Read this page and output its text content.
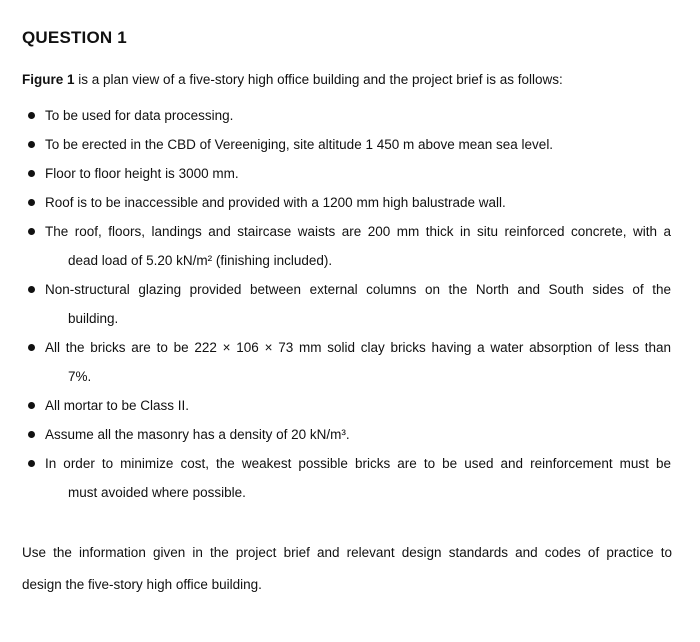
QUESTION 1
Figure 1 is a plan view of a five-story high office building and the project brief is as follows:
To be used for data processing.
To be erected in the CBD of Vereeniging, site altitude 1 450 m above mean sea level.
Floor to floor height is 3000 mm.
Roof is to be inaccessible and provided with a 1200 mm high balustrade wall.
The roof, floors, landings and staircase waists are 200 mm thick in situ reinforced concrete, with a
dead load of 5.20 kN/m² (finishing included).
Non-structural glazing provided between external columns on the North and South sides of the
building.
All the bricks are to be 222 × 106 × 73 mm solid clay bricks having a water absorption of less than
7%.
All mortar to be Class II.
Assume all the masonry has a density of 20 kN/m³.
In order to minimize cost, the weakest possible bricks are to be used and reinforcement must be
must avoided where possible.
Use the information given in the project brief and relevant design standards and codes of practice to
design the five-story high office building.
